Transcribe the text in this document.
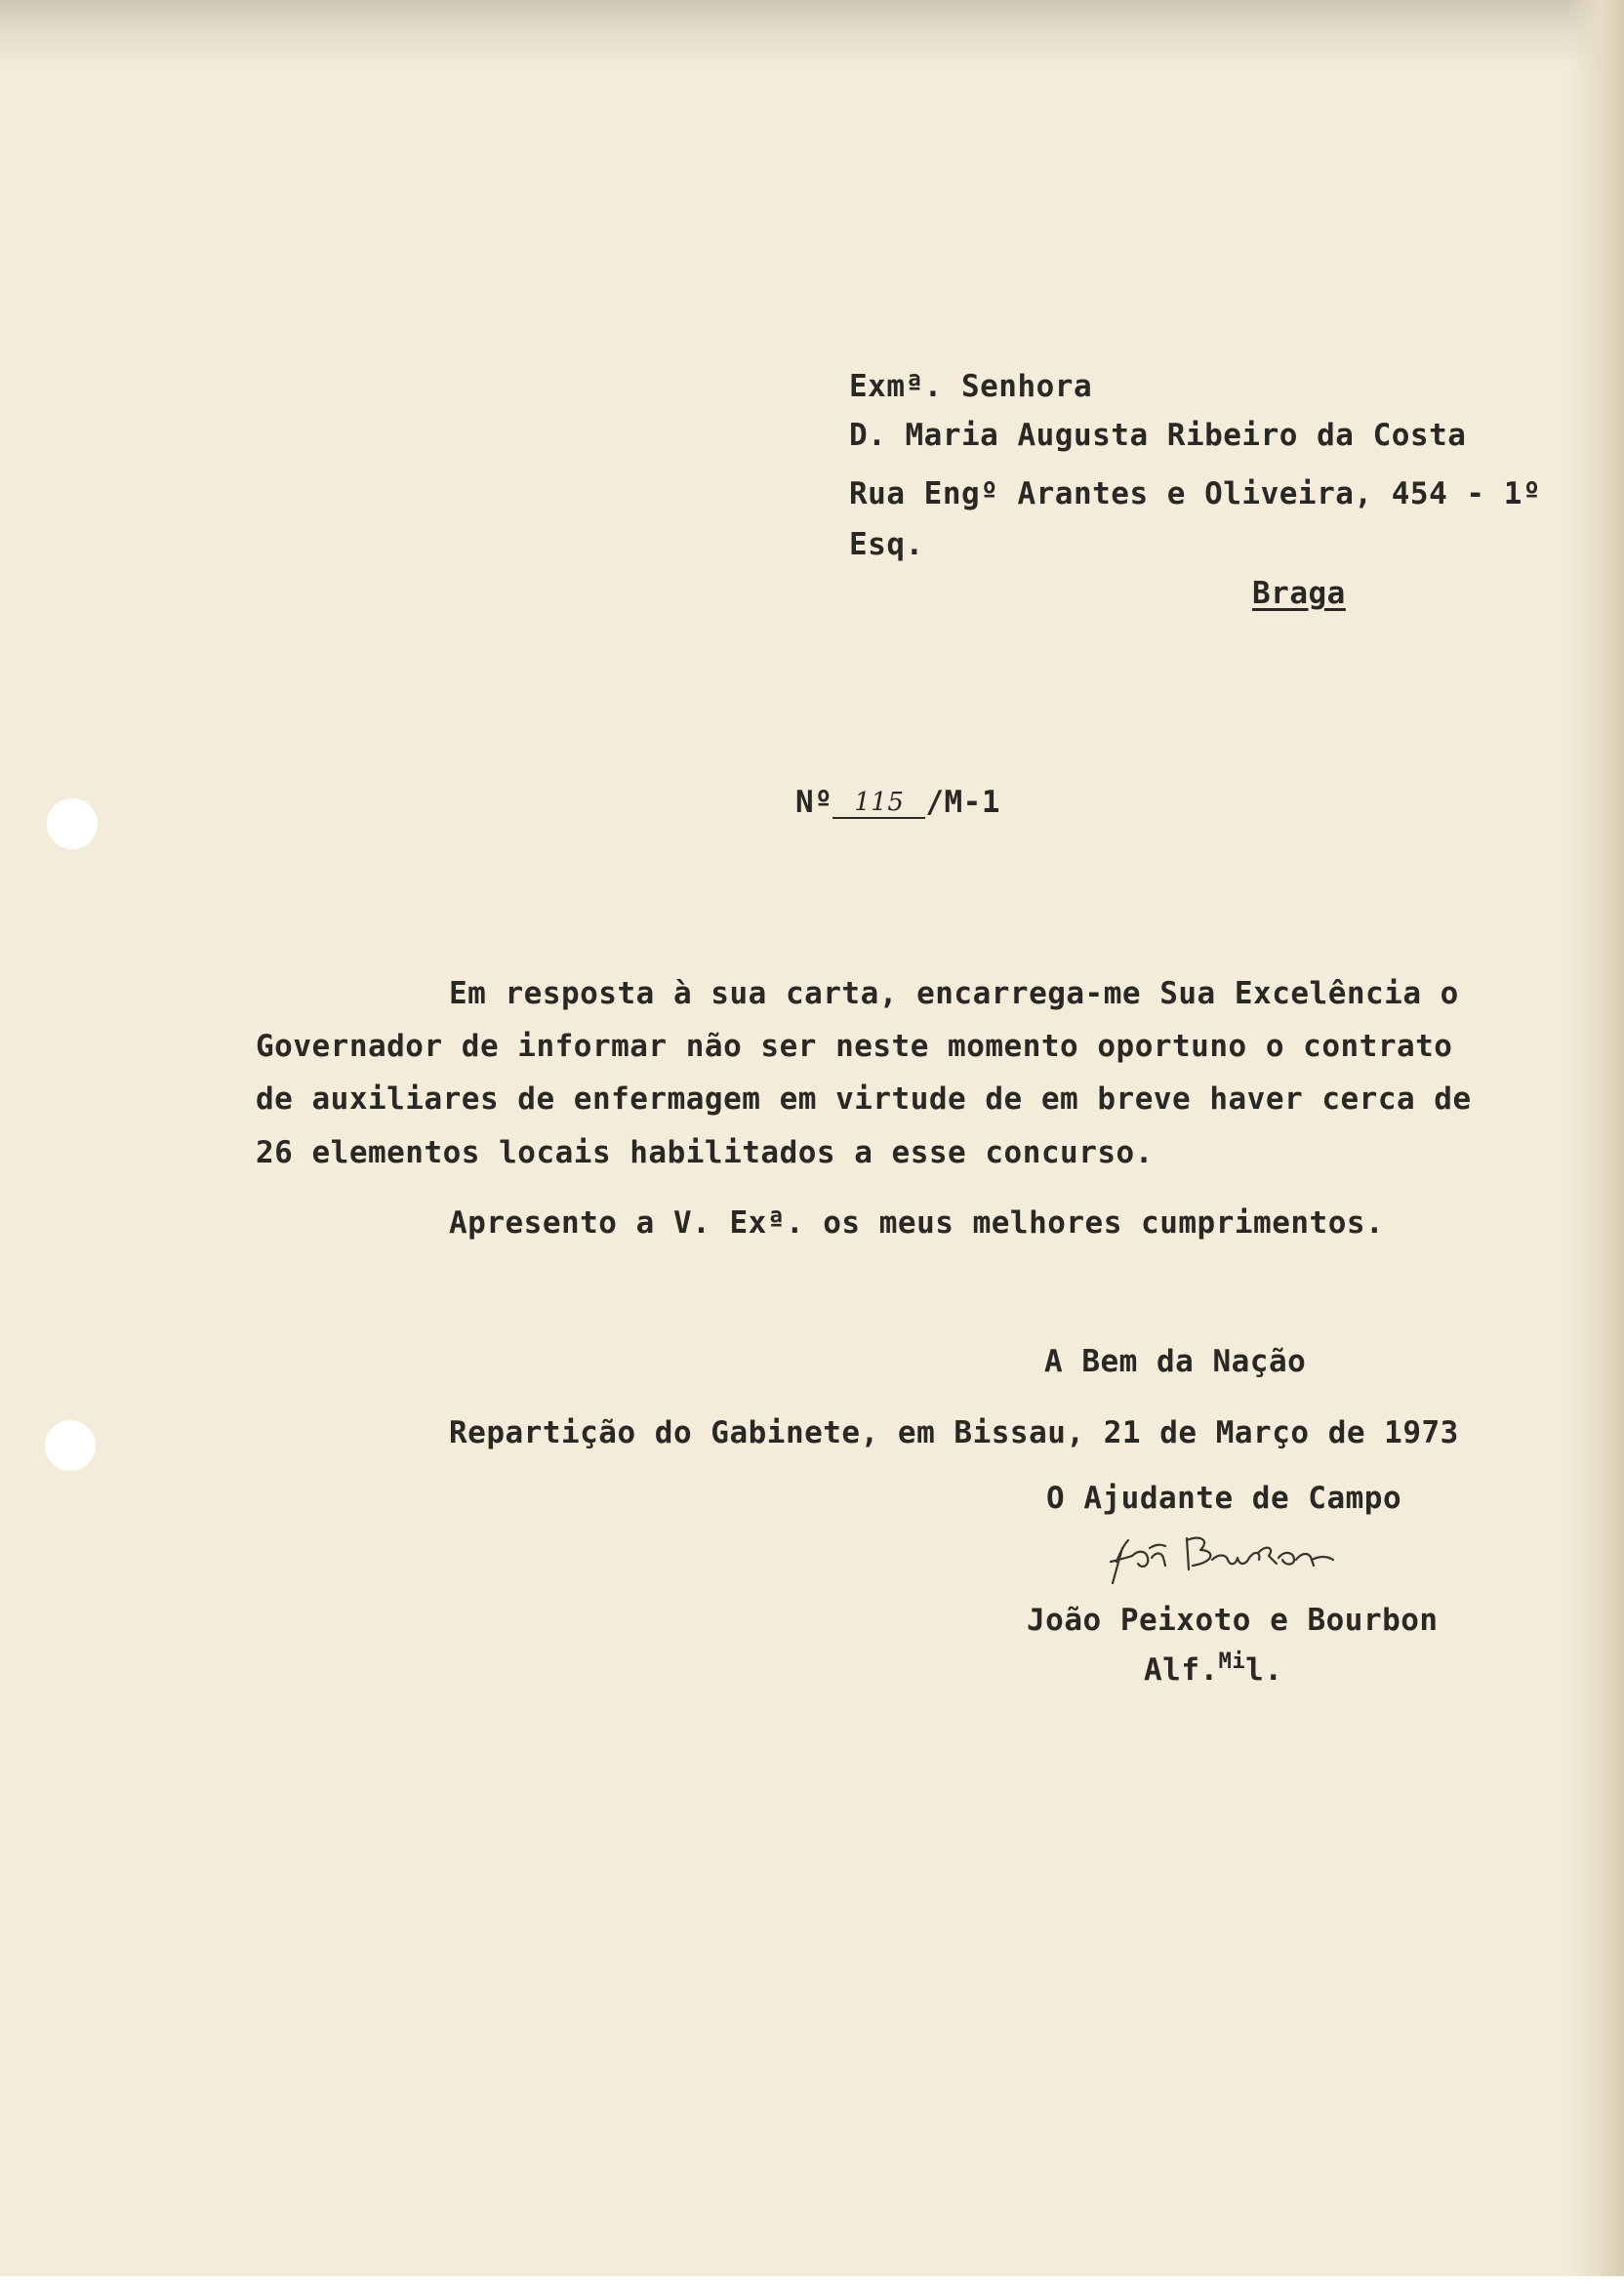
Exmª. Senhora
D. Maria Augusta Ribeiro da Costa
Rua Engº Arantes e Oliveira, 454 - 1º
Esq.
Braga
Nº 115 /M-1
Em resposta à sua carta, encarrega-me Sua Excelência o
Governador de informar não ser neste momento oportuno o contrato
de auxiliares de enfermagem em virtude de em breve haver cerca de
26 elementos locais habilitados a esse concurso.
Apresento a V. Exª. os meus melhores cumprimentos.
A Bem da Nação
Repartição do Gabinete, em Bissau, 21 de Março de 1973
O Ajudante de Campo
João Peixoto e Bourbon
Alf.$^{Mi}$l.
